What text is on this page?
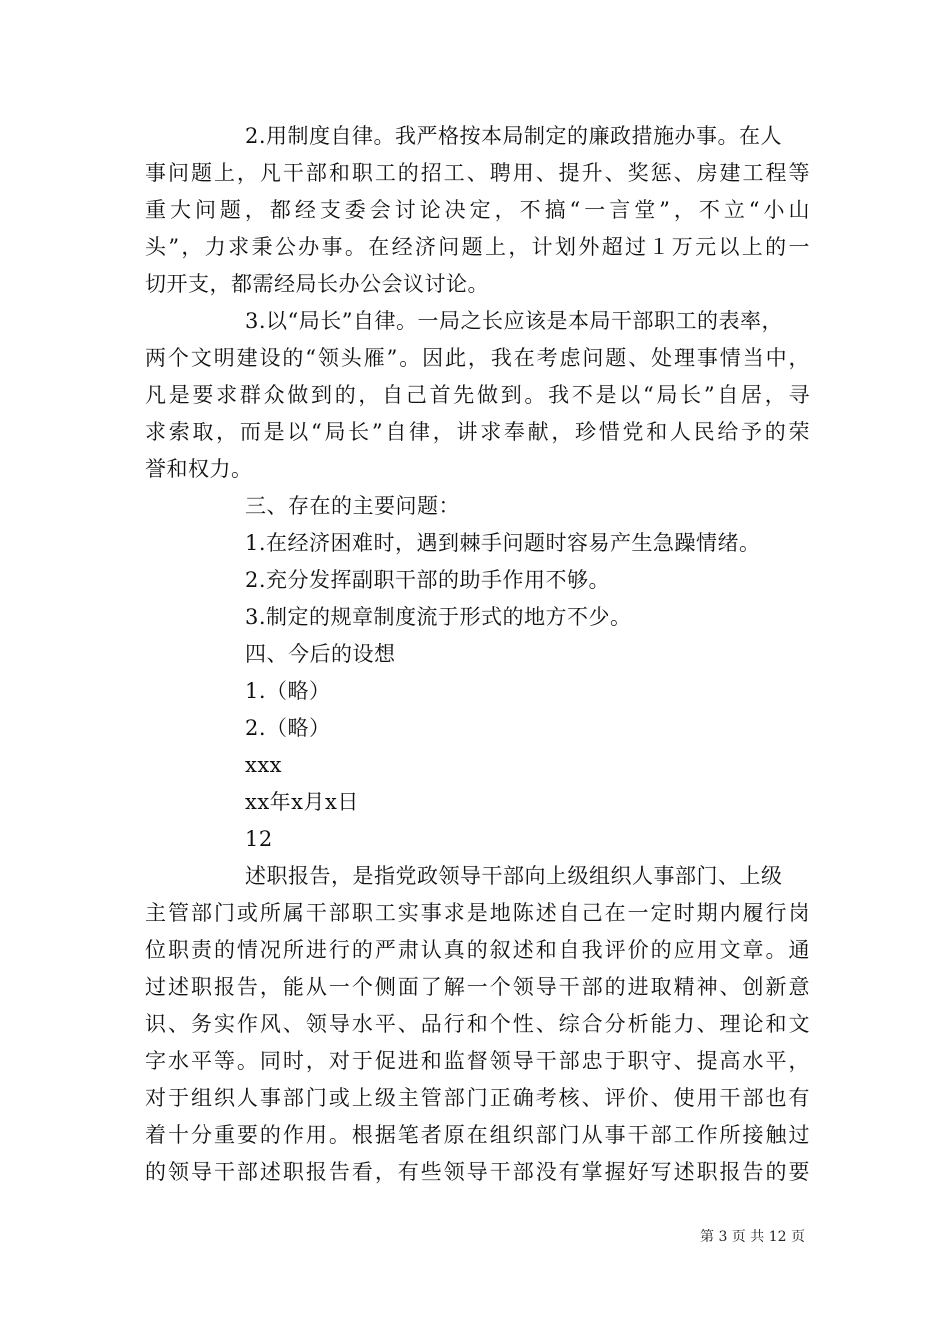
2.用制度自律。我严格按本局制定的廉政措施办事。在人
事问题上，凡干部和职工的招工、聘用、提升、奖惩、房建工程等
重大问题，都经支委会讨论决定，不搞“一言堂”，不立“小山
头”，力求秉公办事。在经济问题上，计划外超过１万元以上的一
切开支，都需经局长办公会议讨论。
3.以“局长”自律。一局之长应该是本局干部职工的表率，
两个文明建设的“领头雁”。因此，我在考虑问题、处理事情当中，
凡是要求群众做到的，自己首先做到。我不是以“局长”自居，寻
求索取，而是以“局长”自律，讲求奉献，珍惜党和人民给予的荣
誉和权力。
三、存在的主要问题：
1.在经济困难时，遇到棘手问题时容易产生急躁情绪。
2.充分发挥副职干部的助手作用不够。
3.制定的规章制度流于形式的地方不少。
四、今后的设想
1.（略）
2.（略）
xxx
xx年x月x日
12
述职报告，是指党政领导干部向上级组织人事部门、上级
主管部门或所属干部职工实事求是地陈述自己在一定时期内履行岗
位职责的情况所进行的严肃认真的叙述和自我评价的应用文章。通
过述职报告，能从一个侧面了解一个领导干部的进取精神、创新意
识、务实作风、领导水平、品行和个性、综合分析能力、理论和文
字水平等。同时，对于促进和监督领导干部忠于职守、提高水平，
对于组织人事部门或上级主管部门正确考核、评价、使用干部也有
着十分重要的作用。根据笔者原在组织部门从事干部工作所接触过
的领导干部述职报告看，有些领导干部没有掌握好写述职报告的要
第 3 页 共 12 页
